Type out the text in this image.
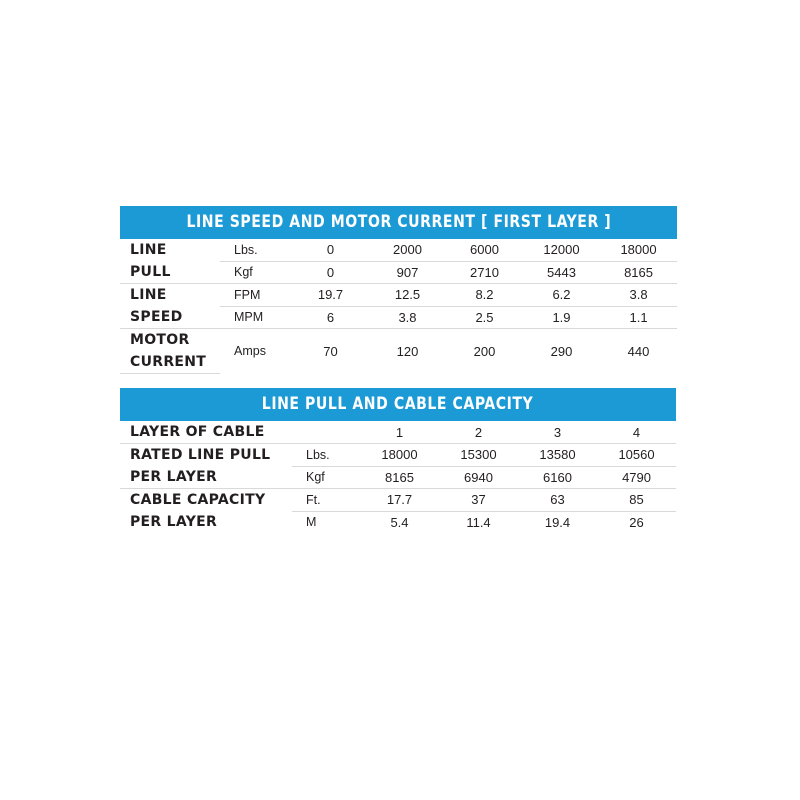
LINE SPEED AND MOTOR CURRENT [ FIRST LAYER ]						
LINE	Lbs.	0	2000	6000	12000	18000
PULL	Kgf	0	907	2710	5443	8165
LINE	FPM	19.7	12.5	8.2	6.2	3.8
SPEED	MPM	6	3.8	2.5	1.9	1.1
MOTOR	Amps	70	120	200	290	440
CURRENT						
LINE PULL AND CABLE CAPACITY					
LAYER OF CABLE		1	2	3	4
RATED LINE PULL	Lbs.	18000	15300	13580	10560
PER LAYER	Kgf	8165	6940	6160	4790
CABLE CAPACITY	Ft.	17.7	37	63	85
PER LAYER	M	5.4	11.4	19.4	26
